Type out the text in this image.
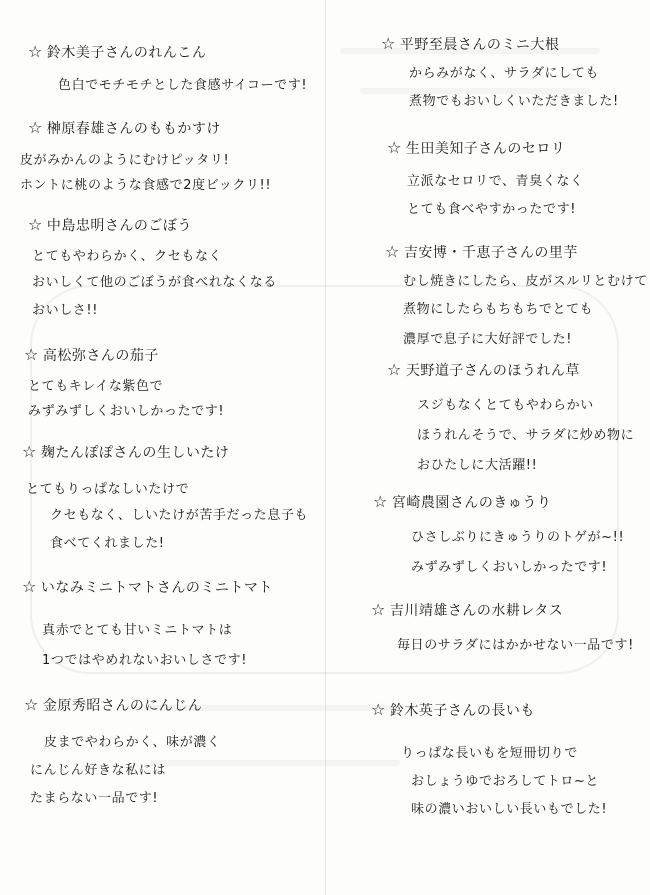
☆ 鈴木美子さんのれんこん
色白でモチモチとした食感サイコーです!
☆ 榊原春雄さんのももかすけ
皮がみかんのようにむけピッタリ!
ホントに桃のような食感で2度ビックリ!!
☆ 中島忠明さんのごぼう
とてもやわらかく、クセもなく
おいしくて他のごぼうが食べれなくなる
おいしさ!!
☆ 高松弥さんの茄子
とてもキレイな紫色で
みずみずしくおいしかったです!
☆ 麹たんぽぽさんの生しいたけ
とてもりっぱなしいたけで
クセもなく、しいたけが苦手だった息子も
食べてくれました!
☆ いなみミニトマトさんのミニトマト
真赤でとても甘いミニトマトは
1つではやめれないおいしさです!
☆ 金原秀昭さんのにんじん
皮までやわらかく、味が濃く
にんじん好きな私には
たまらない一品です!
☆ 平野至晨さんのミニ大根
からみがなく、サラダにしても
煮物でもおいしくいただきました!
☆ 生田美知子さんのセロリ
立派なセロリで、青臭くなく
とても食べやすかったです!
☆ 吉安博・千恵子さんの里芋
むし焼きにしたら、皮がスルリとむけて
煮物にしたらもちもちでとても
濃厚で息子に大好評でした!
☆ 天野道子さんのほうれん草
スジもなくとてもやわらかい
ほうれんそうで、サラダに炒め物に
おひたしに大活躍!!
☆ 宮崎農園さんのきゅうり
ひさしぶりにきゅうりのトゲが~!!
みずみずしくおいしかったです!
☆ 吉川靖雄さんの水耕レタス
毎日のサラダにはかかせない一品です!
☆ 鈴木英子さんの長いも
りっぱな長いもを短冊切りで
おしょうゆでおろしてトロ~と
味の濃いおいしい長いもでした!
